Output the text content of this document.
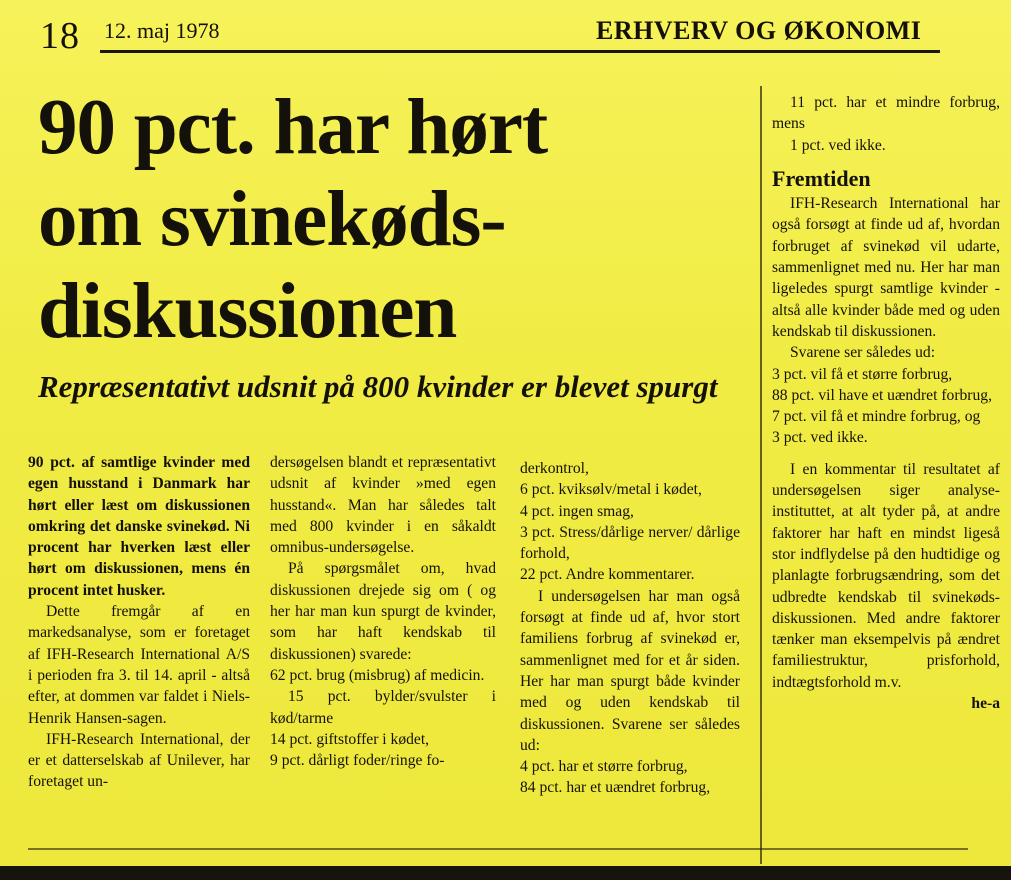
18 12. maj 1978	ERHVERV OG ØKONOMI
90 pct. har hørt
om svinekøds-
diskussionen
Repræsentativt udsnit på 800 kvinder er blevet spurgt

90 pct. af samtlige kvinder med egen husstand i Danmark har hørt eller læst om diskussionen omkring det danske svinekød. Ni procent har hverken læst eller hørt om diskussionen, mens én procent intet husker.

Dette fremgår af en markedsanalyse, som er foretaget af IFH-Research International A/S i perioden fra 3. til 14. april - altså efter, at dommen var faldet i Niels-Henrik Hansen-sagen.

IFH-Research International, der er et datterselskab af Unilever, har foretaget un-

dersøgelsen blandt et repræsentativt udsnit af kvinder »med egen husstand«. Man har således talt med 800 kvinder i en såkaldt omnibus-undersøgelse.

På spørgsmålet om, hvad diskussionen drejede sig om ( og her har man kun spurgt de kvinder, som har haft kendskab til diskussionen) svarede:

62 pct. brug (misbrug) af medicin.

15 pct. bylder/svulster i kød/tarme

14 pct. giftstoffer i kødet,

9 pct. dårligt foder/ringe fo-

derkontrol,

6 pct. kviksølv/metal i kødet,

4 pct. ingen smag,

3 pct. Stress/dårlige nerver/ dårlige forhold,

22 pct. Andre kommentarer.

I undersøgelsen har man også forsøgt at finde ud af, hvor stort familiens forbrug af svinekød er, sammenlignet med for et år siden. Her har man spurgt både kvinder med og uden kendskab til diskussionen. Svarene ser således ud:

4 pct. har et større forbrug,

84 pct. har et uændret forbrug,

11 pct. har et mindre forbrug, mens

1 pct. ved ikke.

Fremtiden

IFH-Research International har også forsøgt at finde ud af, hvordan forbruget af svinekød vil udarte, sammenlignet med nu. Her har man ligeledes spurgt samtlige kvinder - altså alle kvinder både med og uden kendskab til diskussionen.

Svarene ser således ud:

3 pct. vil få et større forbrug,

88 pct. vil have et uændret forbrug,

7 pct. vil få et mindre forbrug, og

3 pct. ved ikke.

I en kommentar til resultatet af undersøgelsen siger analyse-instituttet, at alt tyder på, at andre faktorer har haft en mindst ligeså stor indflydelse på den hudtidige og planlagte forbrugsændring, som det udbredte kendskab til svinekøds-diskussionen. Med andre faktorer tænker man eksempelvis på ændret familiestruktur, prisforhold, indtægtsforhold m.v.

he-a
